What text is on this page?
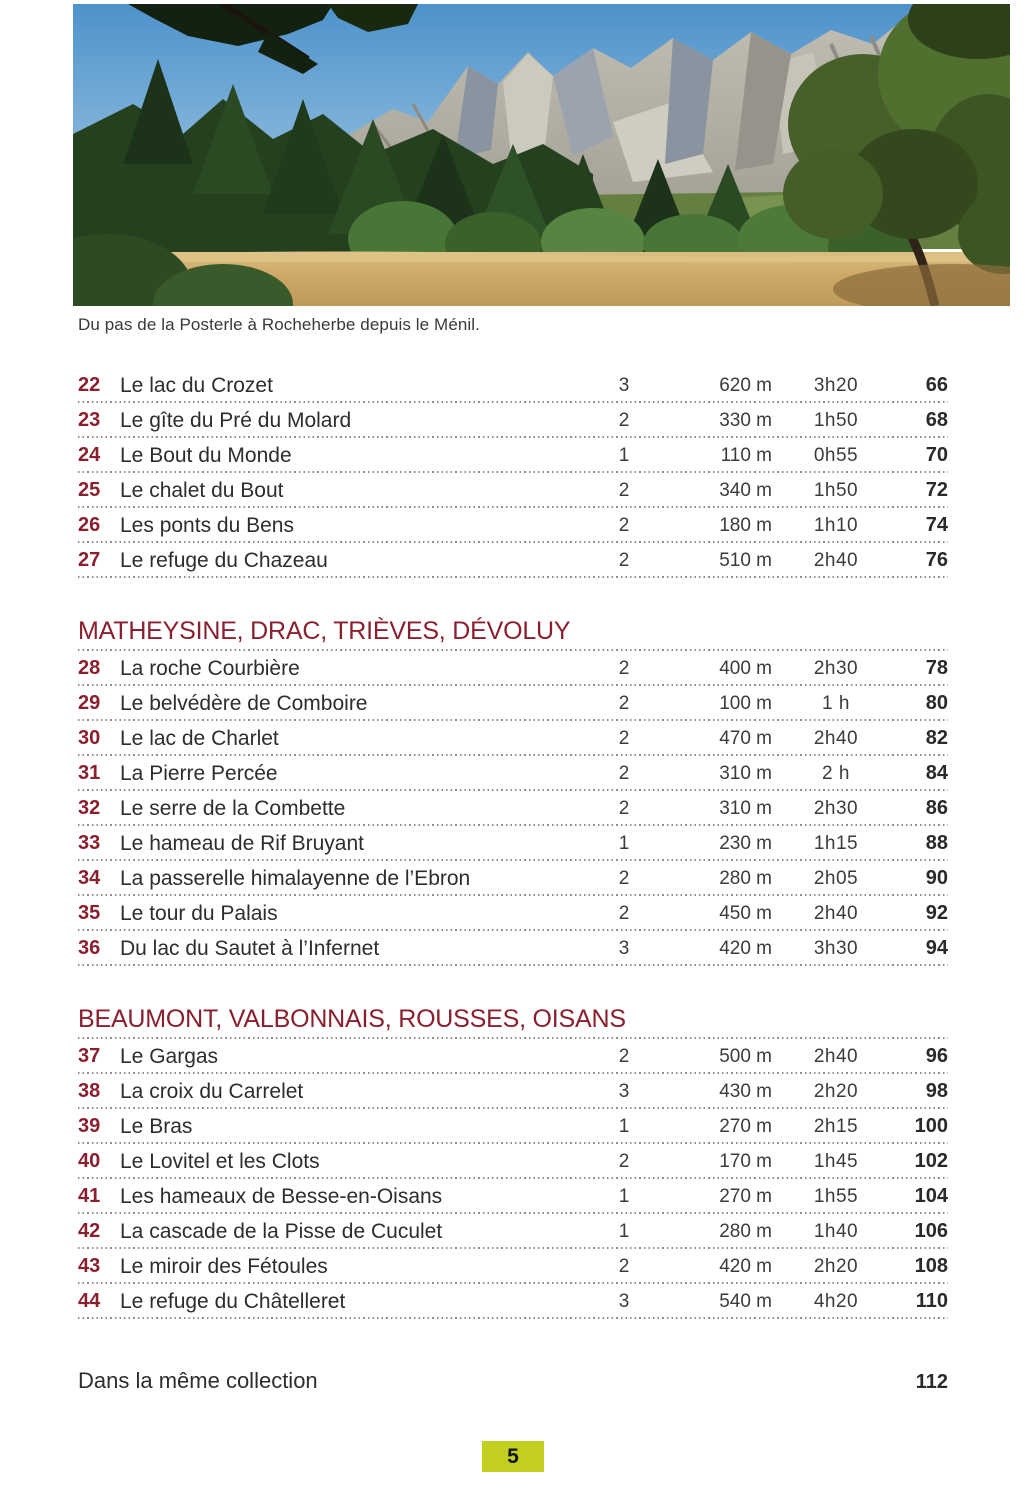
Du pas de la Posterle à Rocheherbe depuis le Ménil.
22 Le lac du Crozet	3	620 m	3h20	66
23 Le gîte du Pré du Molard	2	330 m	1h50	68
24 Le Bout du Monde	1	110 m	0h55	70
25 Le chalet du Bout	2	340 m	1h50	72
26 Les ponts du Bens	2	180 m	1h10	74
27 Le refuge du Chazeau	2	510 m	2h40	76
MATHEYSINE, DRAC, TRIÈVES, DÉVOLUY
28 La roche Courbière	2	400 m	2h30	78
29 Le belvédère de Comboire	2	100 m	1 h	80
30 Le lac de Charlet	2	470 m	2h40	82
31 La Pierre Percée	2	310 m	2 h	84
32 Le serre de la Combette	2	310 m	2h30	86
33 Le hameau de Rif Bruyant	1	230 m	1h15	88
34 La passerelle himalayenne de l’Ebron	2	280 m	2h05	90
35 Le tour du Palais	2	450 m	2h40	92
36 Du lac du Sautet à l’Infernet	3	420 m	3h30	94
BEAUMONT, VALBONNAIS, ROUSSES, OISANS
37 Le Gargas	2	500 m	2h40	96
38 La croix du Carrelet	3	430 m	2h20	98
39 Le Bras	1	270 m	2h15	100
40 Le Lovitel et les Clots	2	170 m	1h45	102
41 Les hameaux de Besse-en-Oisans	1	270 m	1h55	104
42 La cascade de la Pisse de Cuculet	1	280 m	1h40	106
43 Le miroir des Fétoules	2	420 m	2h20	108
44 Le refuge du Châtelleret	3	540 m	4h20	110
Dans la même collection	112
5
